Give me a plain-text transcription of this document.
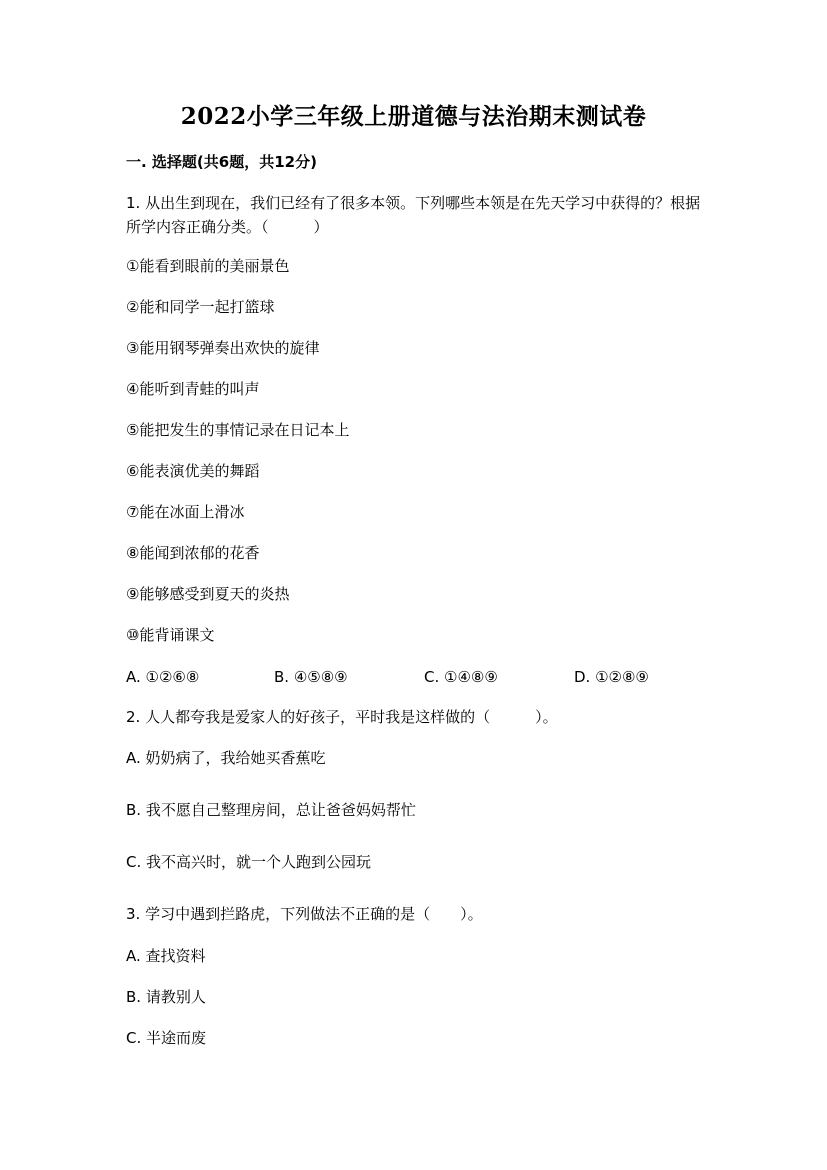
2022小学三年级上册道德与法治期末测试卷
一. 选择题(共6题，共12分)
1. 从出生到现在，我们已经有了很多本领。下列哪些本领是在先天学习中获得的？根据所学内容正确分类。（　　　）
①能看到眼前的美丽景色
②能和同学一起打篮球
③能用钢琴弹奏出欢快的旋律
④能听到青蛙的叫声
⑤能把发生的事情记录在日记本上
⑥能表演优美的舞蹈
⑦能在冰面上滑冰
⑧能闻到浓郁的花香
⑨能够感受到夏天的炎热
⑩能背诵课文
A. ①②⑥⑧	B. ④⑤⑧⑨	C. ①④⑧⑨	D. ①②⑧⑨
2. 人人都夸我是爱家人的好孩子，平时我是这样做的（　　　）。
A. 奶奶病了，我给她买香蕉吃
B. 我不愿自己整理房间，总让爸爸妈妈帮忙
C. 我不高兴时，就一个人跑到公园玩
3. 学习中遇到拦路虎，下列做法不正确的是（　　）。
A. 查找资料
B. 请教别人
C. 半途而废
